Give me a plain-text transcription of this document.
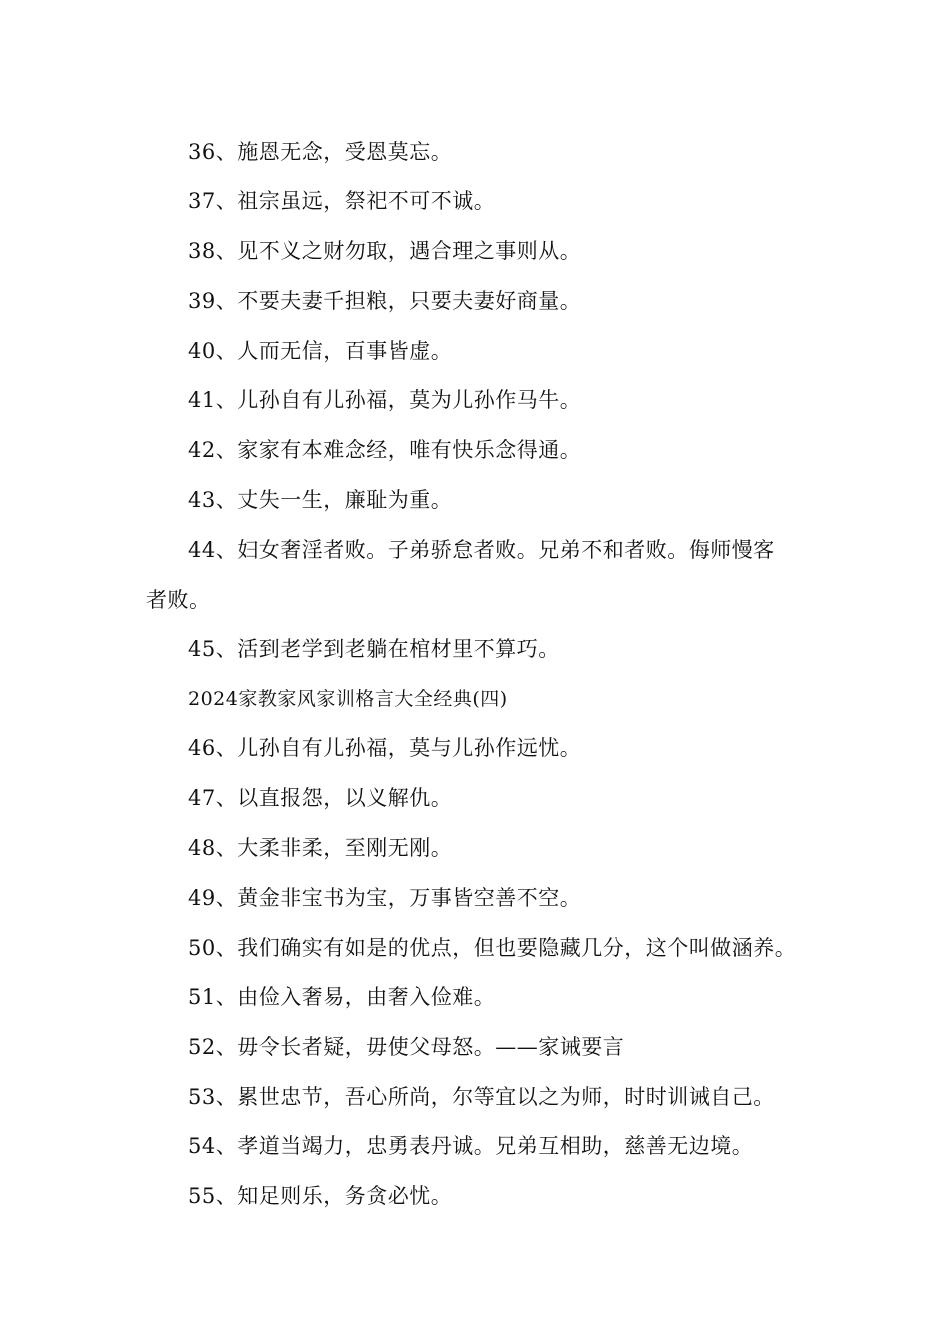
36、施恩无念，受恩莫忘。
37、祖宗虽远，祭祀不可不诚。
38、见不义之财勿取，遇合理之事则从。
39、不要夫妻千担粮，只要夫妻好商量。
40、人而无信，百事皆虚。
41、儿孙自有儿孙福，莫为儿孙作马牛。
42、家家有本难念经，唯有快乐念得通。
43、丈失一生，廉耻为重。
44、妇女奢淫者败。子弟骄怠者败。兄弟不和者败。侮师慢客
者败。
45、活到老学到老躺在棺材里不算巧。
2024家教家风家训格言大全经典(四)
46、儿孙自有儿孙福，莫与儿孙作远忧。
47、以直报怨，以义解仇。
48、大柔非柔，至刚无刚。
49、黄金非宝书为宝，万事皆空善不空。
50、我们确实有如是的优点，但也要隐藏几分，这个叫做涵养。
51、由俭入奢易，由奢入俭难。
52、毋令长者疑，毋使父母怒。——家诫要言
53、累世忠节，吾心所尚，尔等宜以之为师，时时训诫自己。
54、孝道当竭力，忠勇表丹诚。兄弟互相助，慈善无边境。
55、知足则乐，务贪必忧。
